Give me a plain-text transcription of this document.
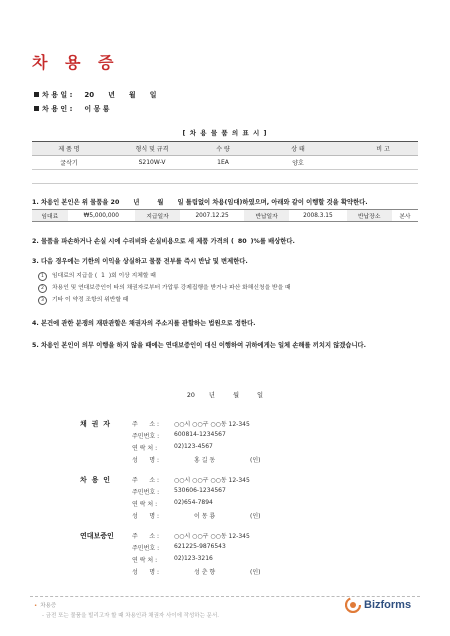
차 용 증
차 용 일 : 20 년 월 일
차 용 인 : 이 몽 룡
[ 차 용 물 품 의 표 시 ]
제 품 명	형식 및 규격	수 량	상 태	비 고
굴삭기	S210W-V	1EA	양호	

1. 차용인 본인은 위 물품을 20 년	월 일 틀림없이 차용(임대)하였으며, 아래와 같이 이행할 것을 확약한다.
임대료	₩5,000,000	지급일자	2007.12.25	반납일자	2008.3.15	반납장소	본사
2. 물품을 파손하거나 손실 시에 수리비와 손실비용으로 새 제품 가격의 ( 80 )%를 배상한다.
3. 다음 경우에는 기한의 이익을 상실하고 물품 전부를 즉시 반납 및 변제한다.
1 임대료의 지급을 ( 1 )회 이상 지체할 때
2 차용인 및 연대보증인이 타의 채권자로부터 가압류 강제집행을 받거나 파산 화해신청을 받을 때
3 기타 이 약정 조항의 위반할 때
4. 본건에 관한 분쟁의 재판관할은 채권자의 주소지를 관할하는 법원으로 정한다.
5. 차용인 본인이 의무 이행을 하지 않을 때에는 연대보증인이 대신 이행하여 귀하에게는 일체 손해를 끼치지 않겠습니다.
20 년	월	일
채  권  자	주      소 :	○○시 ○○구 ○○동 12-345
주민번호 : 600814-1234567
연 락 처 :	02)123-4567
성      명 :	홍 길 동	(인)
차  용  인	주      소 :	○○시 ○○구 ○○동 12-345
주민번호 : 530606-1234567
연 락 처 :	02)654-7894
성      명 :	이 몽 룡	(인)
연대보증인	주      소 :	○○시 ○○구 ○○동 12-345
주민번호 : 621225-9876543
연 락 처 :	02)123-3216
성      명 :	성 춘 향	(인)
• 차용증
- 금전 또는 물품을 빌리고자 할 때 차용인과 채권자 사이에 작성하는 문서.
Bizforms
